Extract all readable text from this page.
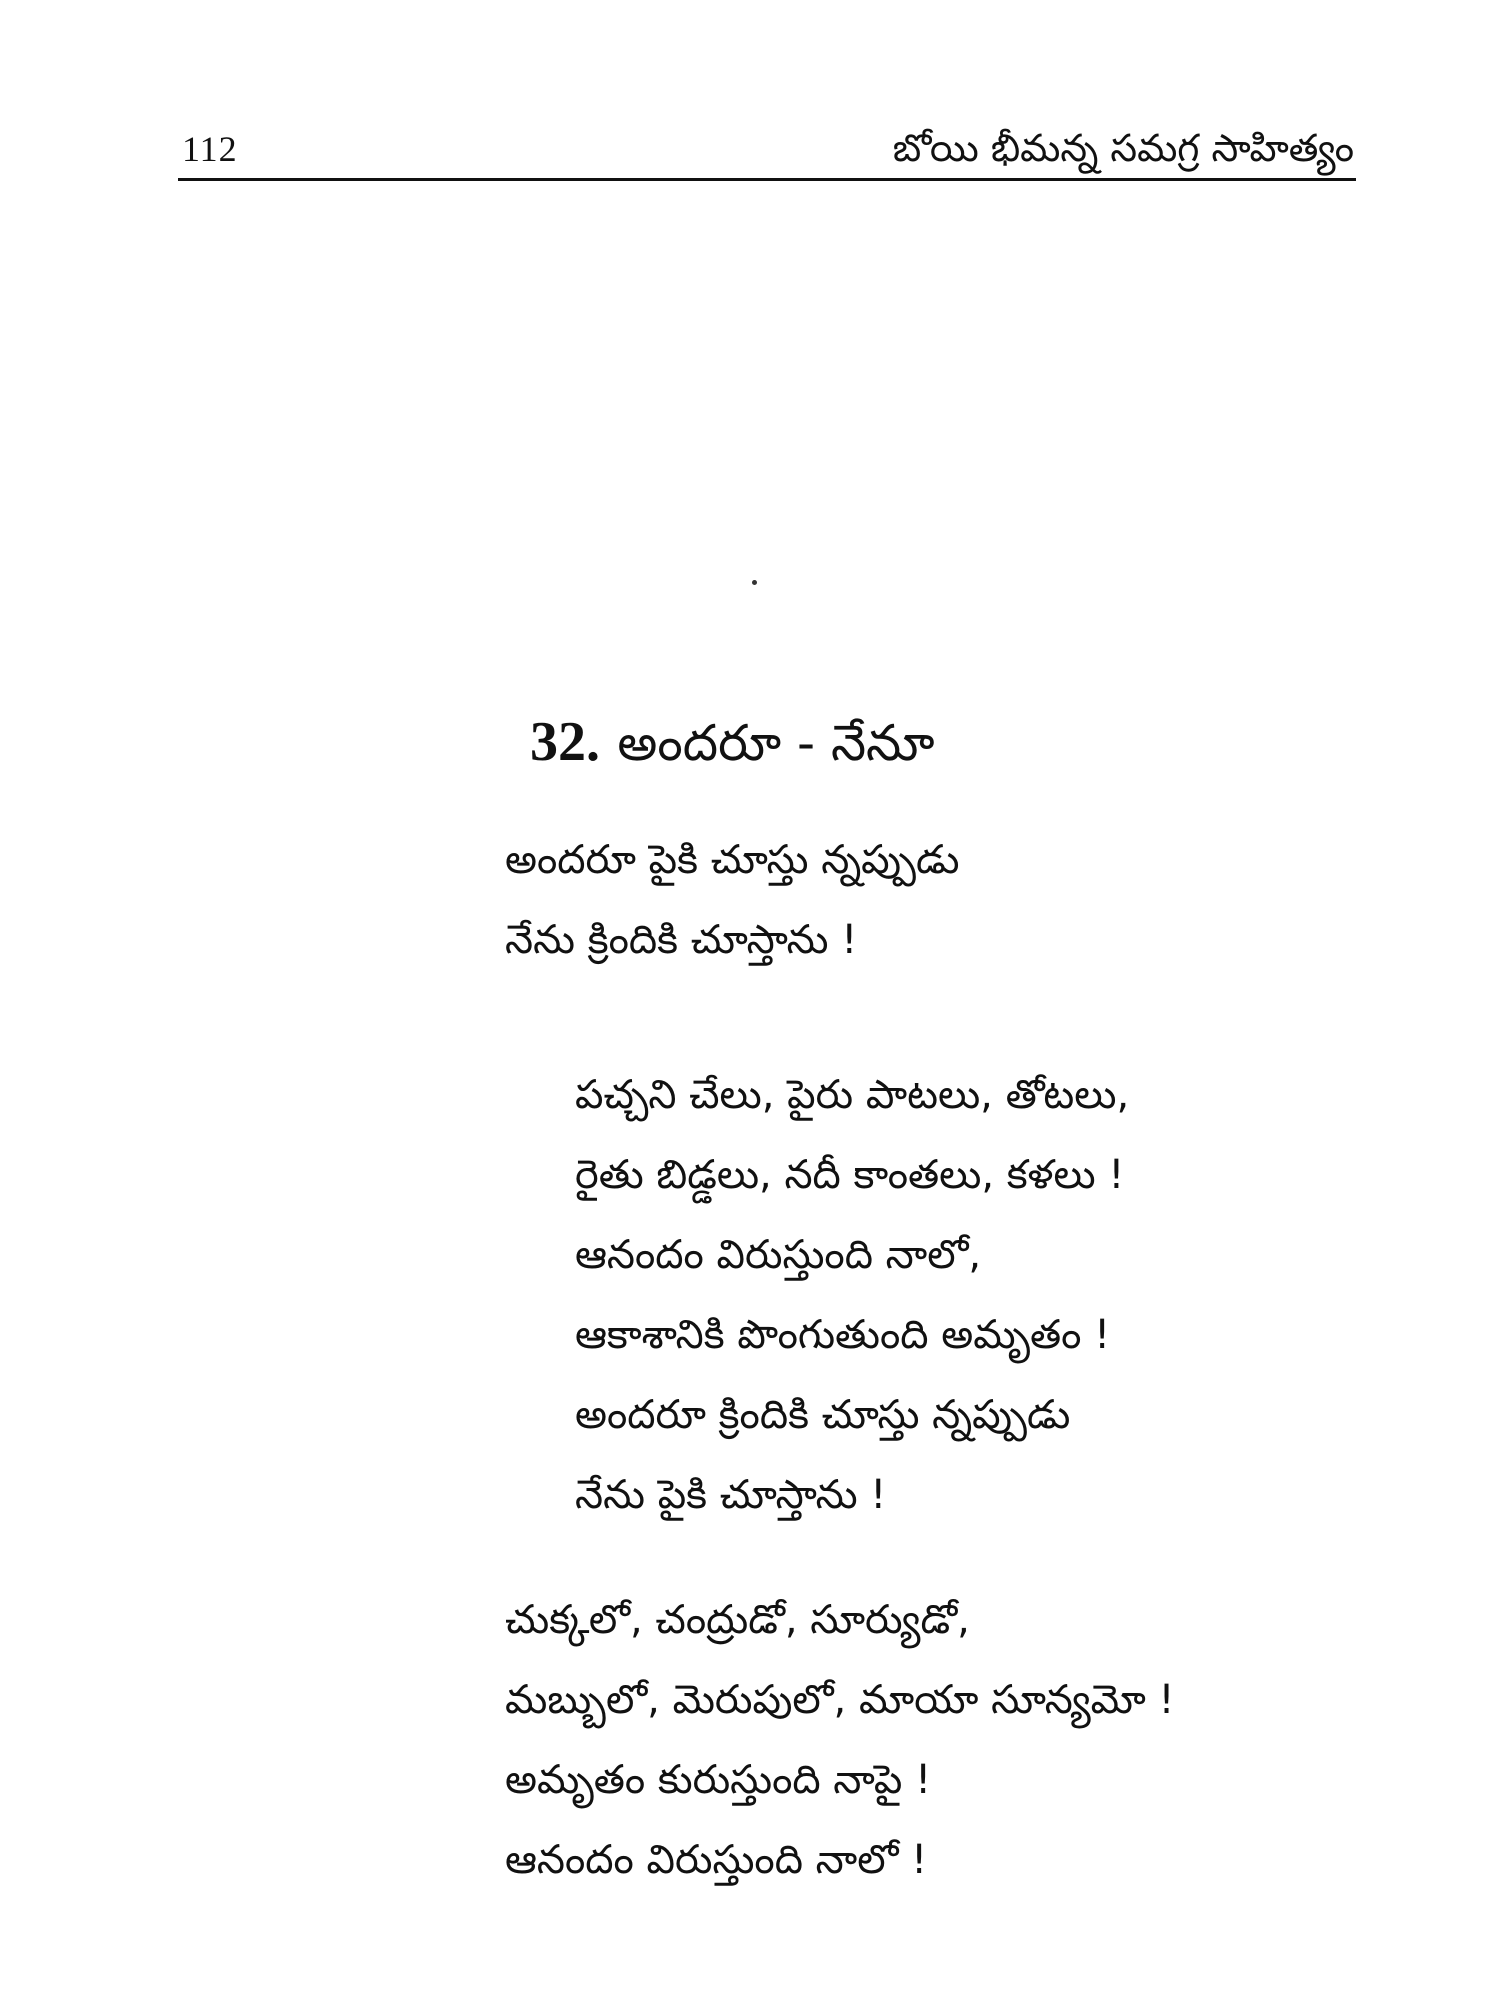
112	బోయి భీమన్న సమగ్ర సాహిత్యం
32. అందరూ - నేనూ
అందరూ పైకి చూస్తు న్నప్పుడు
నేను క్రిందికి చూస్తాను !
పచ్చని చేలు, పైరు పాటలు, తోటలు,
రైతు బిడ్డలు, నదీ కాంతలు, కళలు !
ఆనందం విరుస్తుంది నాలో,
ఆకాశానికి పొంగుతుంది అమృతం !
అందరూ క్రిందికి చూస్తు న్నప్పుడు
నేను పైకి చూస్తాను !
చుక్కలో, చంద్రుడో, సూర్యుడో,
మబ్బులో, మెరుపులో, మాయా సూన్యమో !
అమృతం కురుస్తుంది నాపై !
ఆనందం విరుస్తుంది నాలో !
